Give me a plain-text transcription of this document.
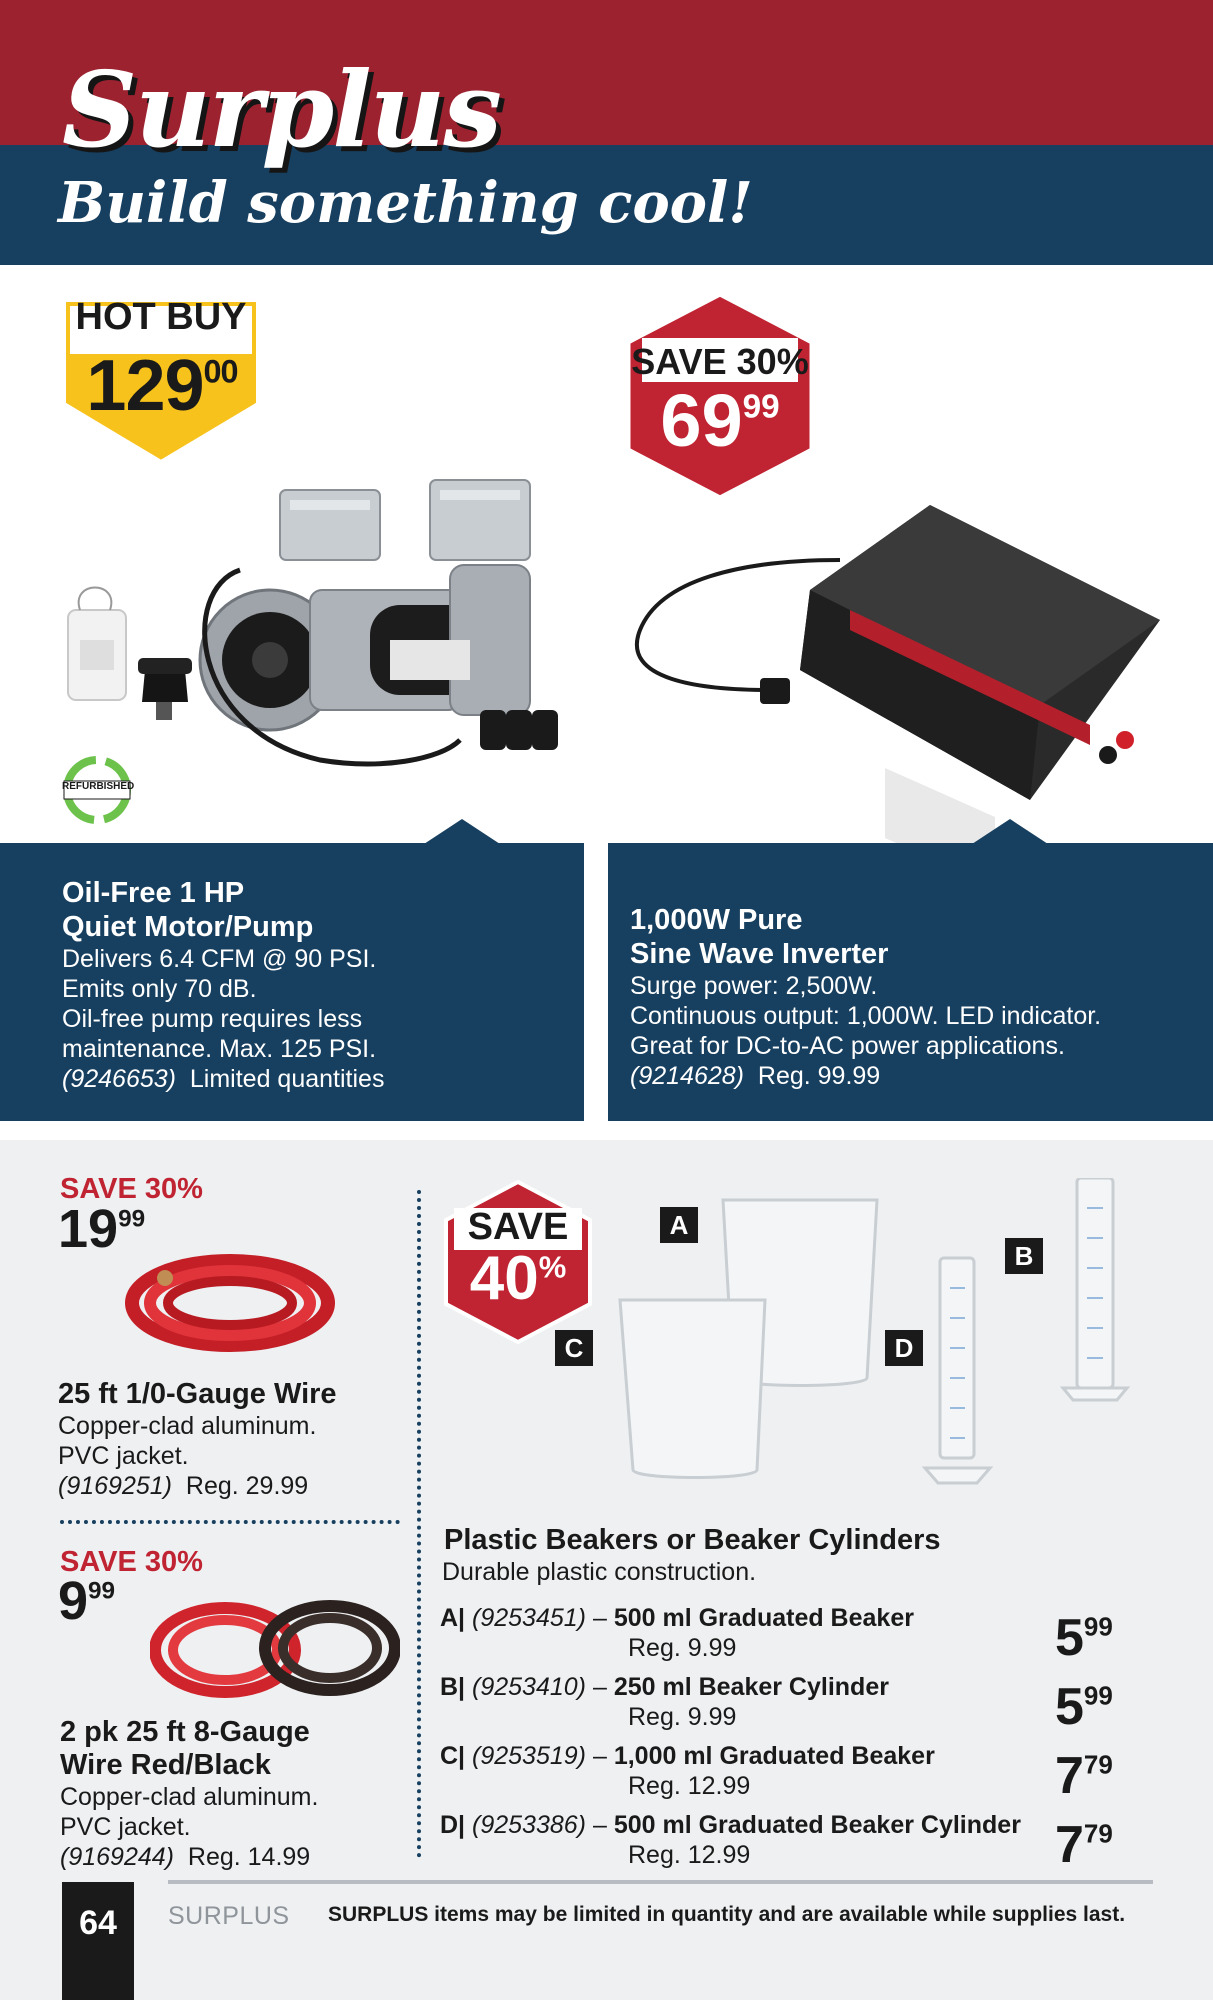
Surplus
Build something cool!
HOT BUY
$129^{00}$
REFURBISHED
SAVE 30%
$69^{99}$
Oil-Free 1 HP
Quiet Motor/Pump

Delivers 6.4 CFM @ 90 PSI.

Emits only 70 dB.

Oil-free pump requires less

maintenance. Max. 125 PSI.

(9246653) Limited quantities

1,000W Pure
Sine Wave Inverter

Surge power: 2,500W.

Continuous output: 1,000W. LED indicator.

Great for DC-to-AC power applications.

(9214628) Reg. 99.99

SAVE 30%
$19^{99}$
25 ft 1/0-Gauge Wire

Copper-clad aluminum.

PVC jacket.

(9169251) Reg. 29.99

SAVE 30%
$9^{99}$
2 pk 25 ft 8-Gauge
Wire Red/Black

Copper-clad aluminum.

PVC jacket.

(9169244) Reg. 14.99

SAVE
40%
A
B
C	D
Plastic Beakers or Beaker Cylinders
Durable plastic construction.
A| (9253451) – 500 ml Graduated Beaker
Reg. 9.99	$5^{99}$
B| (9253410) – 250 ml Beaker Cylinder
Reg. 9.99	$5^{99}$
C| (9253519) – 1,000 ml Graduated Beaker
Reg. 12.99	$7^{79}$
D| (9253386) – 500 ml Graduated Beaker Cylinder
Reg. 12.99	$7^{79}$
64	SURPLUS SURPLUS items may be limited in quantity and are available while supplies last.
